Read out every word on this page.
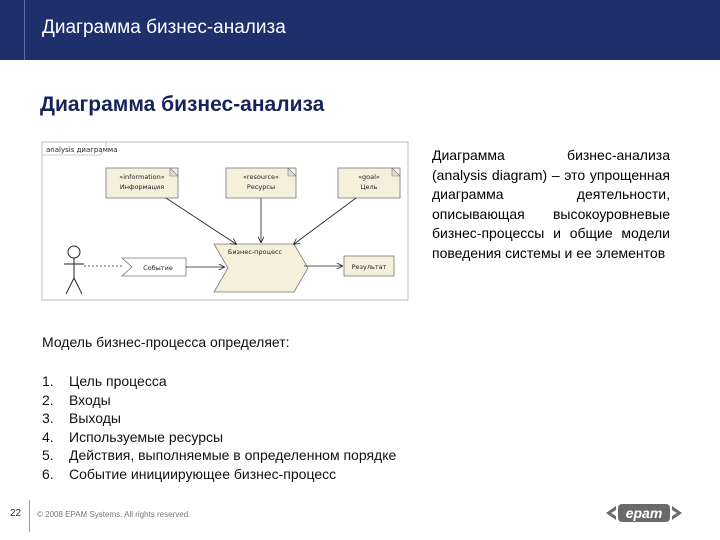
Диаграмма бизнес-анализа
Диаграмма бизнес-анализа
analysis диаграмма
«information»
Информация
«resource»
Ресурсы
«goal»
Цель
Событие
Бизнес-процесс
Результат
Диаграмма бизнес-анализа (analysis diagram) – это упрощенная диаграмма деятельности, описывающая высокоуровневые бизнес-процессы и общие модели поведения системы и ее элементов
Модель бизнес-процесса определяет:
1.	Цель процесса
2.	Входы
3.	Выходы
4.	Используемые ресурсы
5.	Действия, выполняемые в определенном порядке
6.	Событие инициирующее бизнес-процесс
22 © 2008 EPAM Systems. All rights reserved.	epam
